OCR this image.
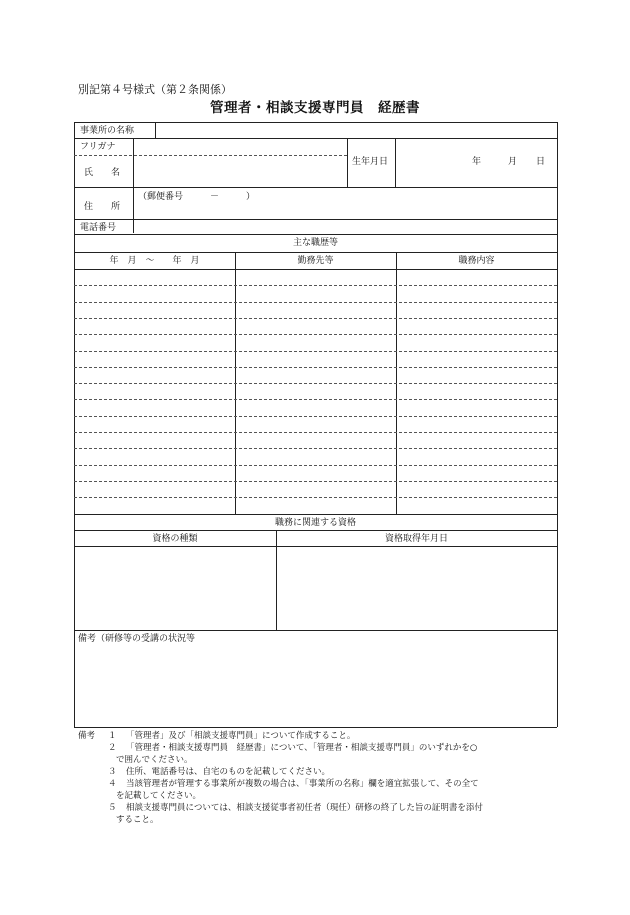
別記第４号様式（第２条関係）
管理者・相談支援専門員　経歴書
事業所の名称
フリガナ
氏　　名
生年月日	年	月 日
住　　所
（郵便番号　　　－　　　）
電話番号
主な職歴等
年　月　～　　年　月	勤務先等	職務内容
職務に関連する資格
資格の種類	資格取得年月日
備考（研修等の受講の状況等
備考 １ 「管理者」及び「相談支援専門員」について作成すること。
２ 「管理者・相談支援専門員　経歴書」について、「管理者・相談支援専門員」のいずれかを○
で囲んでください。
３ 住所、電話番号は、自宅のものを記載してください。
４ 当該管理者が管理する事業所が複数の場合は、「事業所の名称」欄を適宜拡張して、その全て
を記載してください。
５ 相談支援専門員については、相談支援従事者初任者（現任）研修の終了した旨の証明書を添付
すること。
